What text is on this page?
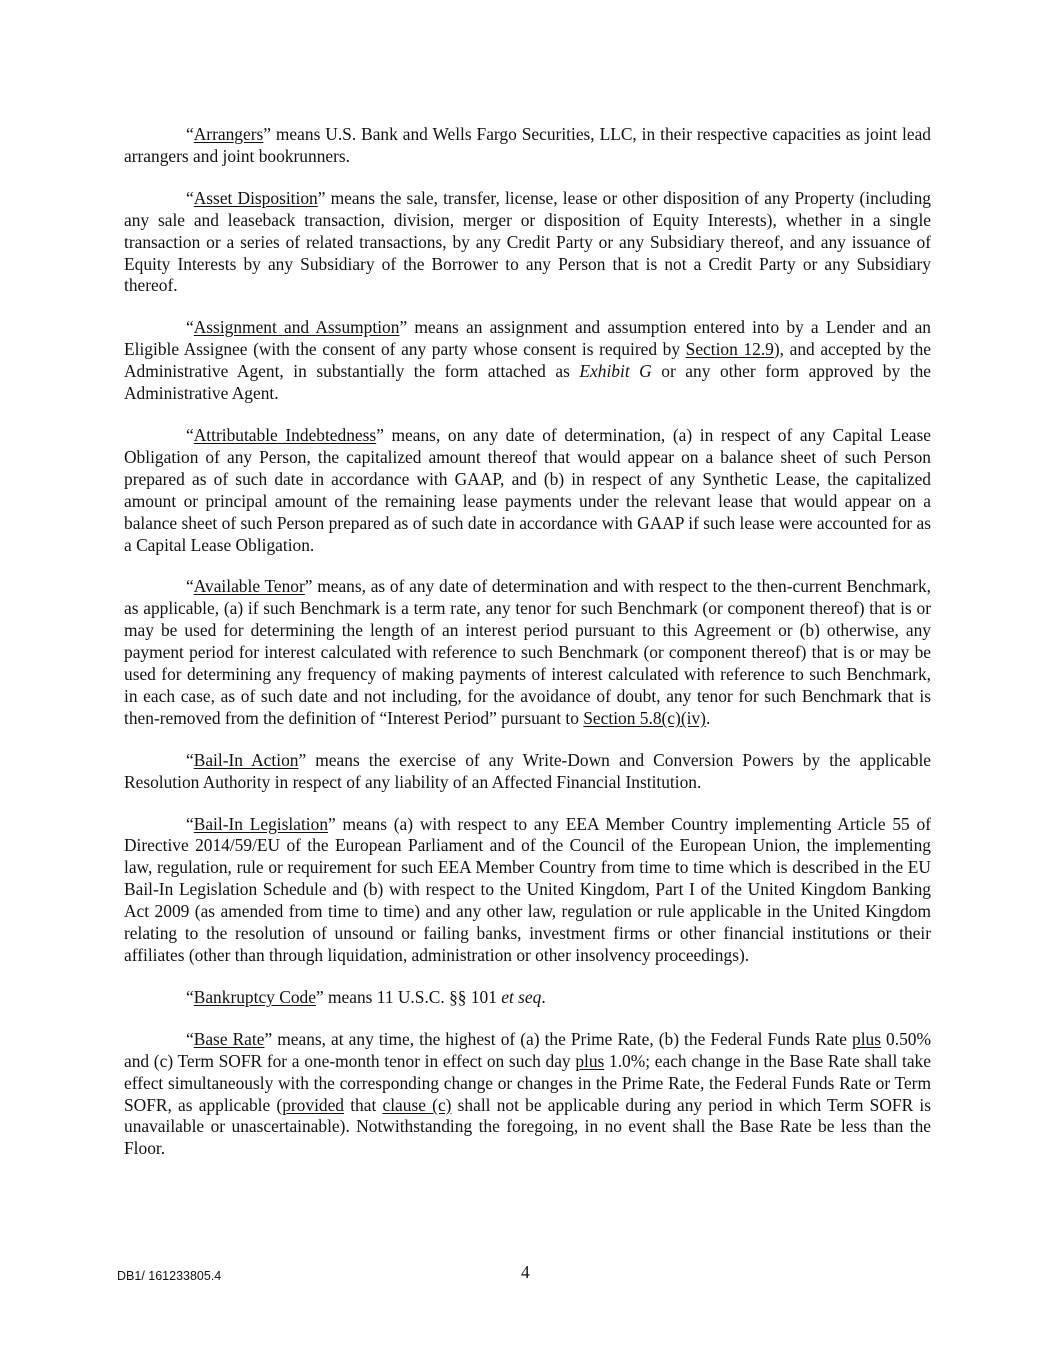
“Arrangers” means U.S. Bank and Wells Fargo Securities, LLC, in their respective capacities as joint lead arrangers and joint bookrunners.

“Asset Disposition” means the sale, transfer, license, lease or other disposition of any Property (including any sale and leaseback transaction, division, merger or disposition of Equity Interests), whether in a single transaction or a series of related transactions, by any Credit Party or any Subsidiary thereof, and any issuance of Equity Interests by any Subsidiary of the Borrower to any Person that is not a Credit Party or any Subsidiary thereof.

“Assignment and Assumption” means an assignment and assumption entered into by a Lender and an Eligible Assignee (with the consent of any party whose consent is required by Section 12.9), and accepted by the Administrative Agent, in substantially the form attached as Exhibit G or any other form approved by the Administrative Agent.

“Attributable Indebtedness” means, on any date of determination, (a) in respect of any Capital Lease Obligation of any Person, the capitalized amount thereof that would appear on a balance sheet of such Person prepared as of such date in accordance with GAAP, and (b) in respect of any Synthetic Lease, the capitalized amount or principal amount of the remaining lease payments under the relevant lease that would appear on a balance sheet of such Person prepared as of such date in accordance with GAAP if such lease were accounted for as a Capital Lease Obligation.

“Available Tenor” means, as of any date of determination and with respect to the then-current Benchmark, as applicable, (a) if such Benchmark is a term rate, any tenor for such Benchmark (or component thereof) that is or may be used for determining the length of an interest period pursuant to this Agreement or (b) otherwise, any payment period for interest calculated with reference to such Benchmark (or component thereof) that is or may be used for determining any frequency of making payments of interest calculated with reference to such Benchmark, in each case, as of such date and not including, for the avoidance of doubt, any tenor for such Benchmark that is then-removed from the definition of “Interest Period” pursuant to Section 5.8(c)(iv).

“Bail-In Action” means the exercise of any Write-Down and Conversion Powers by the applicable Resolution Authority in respect of any liability of an Affected Financial Institution.

“Bail-In Legislation” means (a) with respect to any EEA Member Country implementing Article 55 of Directive 2014/59/EU of the European Parliament and of the Council of the European Union, the implementing law, regulation, rule or requirement for such EEA Member Country from time to time which is described in the EU Bail-In Legislation Schedule and (b) with respect to the United Kingdom, Part I of the United Kingdom Banking Act 2009 (as amended from time to time) and any other law, regulation or rule applicable in the United Kingdom relating to the resolution of unsound or failing banks, investment firms or other financial institutions or their affiliates (other than through liquidation, administration or other insolvency proceedings).

“Bankruptcy Code” means 11 U.S.C. §§ 101 et seq.

“Base Rate” means, at any time, the highest of (a) the Prime Rate, (b) the Federal Funds Rate plus 0.50% and (c) Term SOFR for a one-month tenor in effect on such day plus 1.0%; each change in the Base Rate shall take effect simultaneously with the corresponding change or changes in the Prime Rate, the Federal Funds Rate or Term SOFR, as applicable (provided that clause (c) shall not be applicable during any period in which Term SOFR is unavailable or unascertainable). Notwithstanding the foregoing, in no event shall the Base Rate be less than the Floor.

DB1/ 161233805.4	4
